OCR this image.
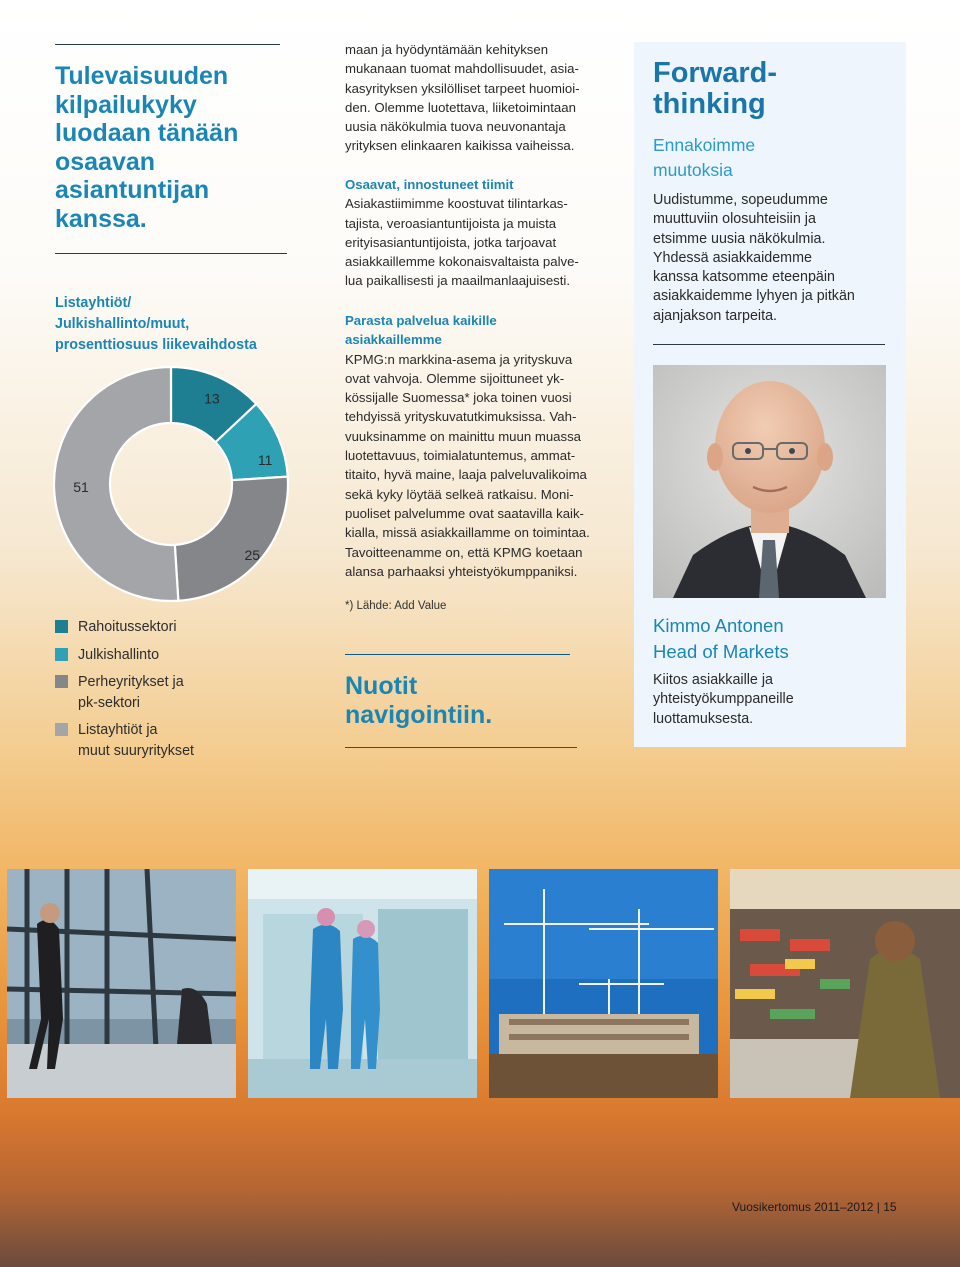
Tulevaisuuden
kilpailukyky
luodaan tänään
osaavan
asiantuntijan
kanssa.
Listayhtiöt/
Julkishallinto/muut,
prosenttiosuus liikevaihdosta
13
11
25
51
Rahoitussektori
Julkishallinto
Perheyritykset ja
pk-sektori
Listayhtiöt ja
muut suuryritykset
maan ja hyödyntämään kehityksen
mukanaan tuomat mahdollisuudet, asia-
kasyrityksen yksilölliset tarpeet huomioi-
den. Olemme luotettava, liiketoimintaan
uusia näkökulmia tuova neuvonantaja
yrityksen elinkaaren kaikissa vaiheissa.
Osaavat, innostuneet tiimit
Asiakastiimimme koostuvat tilintarkas-
tajista, veroasiantuntijoista ja muista
erityisasiantuntijoista, jotka tarjoavat
asiakkaillemme kokonaisvaltaista palve-
lua paikallisesti ja maailmanlaajuisesti.
Parasta palvelua kaikille
asiakkaillemme
KPMG:n markkina-asema ja yrityskuva
ovat vahvoja. Olemme sijoittuneet yk-
kössijalle Suomessa* joka toinen vuosi
tehdyissä yrityskuvatutkimuksissa. Vah-
vuuksinamme on mainittu muun muassa
luotettavuus, toimialatuntemus, ammat-
titaito, hyvä maine, laaja palveluvalikoima
sekä kyky löytää selkeä ratkaisu. Moni-
puoliset palvelumme ovat saatavilla kaik-
kialla, missä asiakkaillamme on toimintaa.
Tavoitteenamme on, että KPMG koetaan
alansa parhaaksi yhteistyökumppaniksi.
*) Lähde: Add Value
Nuotit
navigointiin.
Forward-
thinking
Ennakoimme
muutoksia
Uudistumme, sopeudumme
muuttuviin olosuhteisiin ja
etsimme uusia näkökulmia.
Yhdessä asiakkaidemme
kanssa katsomme eteenpäin
asiakkaidemme lyhyen ja pitkän
ajanjakson tarpeita.
Kimmo Antonen
Head of Markets
Kiitos asiakkaille ja
yhteistyökumppaneille
luottamuksesta.
Vuosikertomus 2011–2012 | 15
